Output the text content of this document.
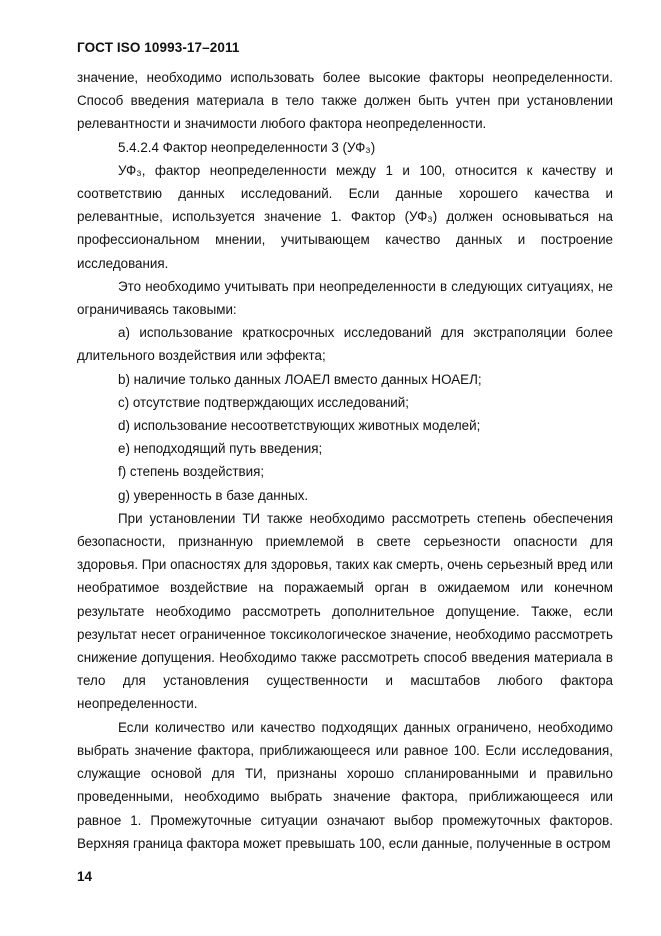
ГОСТ ISO 10993-17–2011

значение, необходимо использовать более высокие факторы неопределенности. Способ введения материала в тело также должен быть учтен при установлении релевантности и значимости любого фактора неопределенности.

5.4.2.4 Фактор неопределенности 3 (УФ₃)

УФ₃, фактор неопределенности между 1 и 100, относится к качеству и соответствию данных исследований. Если данные хорошего качества и релевантные, используется значение 1. Фактор (УФ₃) должен основываться на профессиональном мнении, учитывающем качество данных и построение исследования.

Это необходимо учитывать при неопределенности в следующих ситуациях, не ограничиваясь таковыми:

a) использование краткосрочных исследований для экстраполяции более длительного воздействия или эффекта;

b) наличие только данных ЛОАЕЛ вместо данных НОАЕЛ;

c) отсутствие подтверждающих исследований;

d) использование несоответствующих животных моделей;

e) неподходящий путь введения;

f) степень воздействия;

g) уверенность в базе данных.

При установлении ТИ также необходимо рассмотреть степень обеспечения безопасности, признанную приемлемой в свете серьезности опасности для здоровья. При опасностях для здоровья, таких как смерть, очень серьезный вред или необратимое воздействие на поражаемый орган в ожидаемом или конечном результате необходимо рассмотреть дополнительное допущение. Также, если результат несет ограниченное токсикологическое значение, необходимо рассмотреть снижение допущения. Необходимо также рассмотреть способ введения материала в тело для установления существенности и масштабов любого фактора неопределенности.

Если количество или качество подходящих данных ограничено, необходимо выбрать значение фактора, приближающееся или равное 100. Если исследования, служащие основой для ТИ, признаны хорошо спланированными и правильно проведенными, необходимо выбрать значение фактора, приближающееся или равное 1. Промежуточные ситуации означают выбор промежуточных факторов. Верхняя граница фактора может превышать 100, если данные, полученные в остром

14
